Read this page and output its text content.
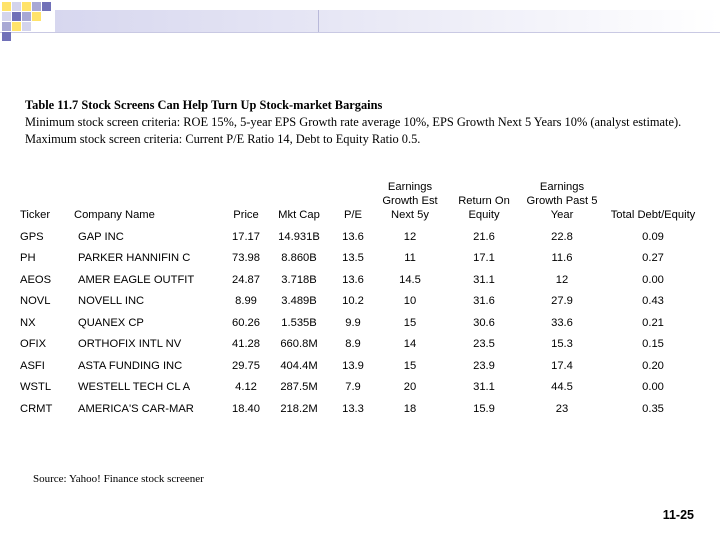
Table 11.7 Stock Screens Can Help Turn Up Stock-market Bargains
Minimum stock screen criteria: ROE 15%, 5-year EPS Growth rate average 10%, EPS Growth Next 5 Years 10% (analyst estimate). Maximum stock screen criteria: Current P/E Ratio 14, Debt to Equity Ratio 0.5.
Ticker	Company Name	Price	Mkt Cap	P/E	Earnings Growth Est Next 5y	Return On Equity	Earnings Growth Past 5 Year	Total Debt/Equity
GPS	GAP INC	17.17	14.931B	13.6	12	21.6	22.8	0.09
PH	PARKER HANNIFIN C	73.98	8.860B	13.5	11	17.1	11.6	0.27
AEOS	AMER EAGLE OUTFIT	24.87	3.718B	13.6	14.5	31.1	12	0.00
NOVL	NOVELL INC	8.99	3.489B	10.2	10	31.6	27.9	0.43
NX	QUANEX CP	60.26	1.535B	9.9	15	30.6	33.6	0.21
OFIX	ORTHOFIX INTL NV	41.28	660.8M	8.9	14	23.5	15.3	0.15
ASFI	ASTA FUNDING INC	29.75	404.4M	13.9	15	23.9	17.4	0.20
WSTL	WESTELL TECH CL A	4.12	287.5M	7.9	20	31.1	44.5	0.00
CRMT	AMERICA'S CAR-MAR	18.40	218.2M	13.3	18	15.9	23	0.35
Source: Yahoo! Finance stock screener
11-25
